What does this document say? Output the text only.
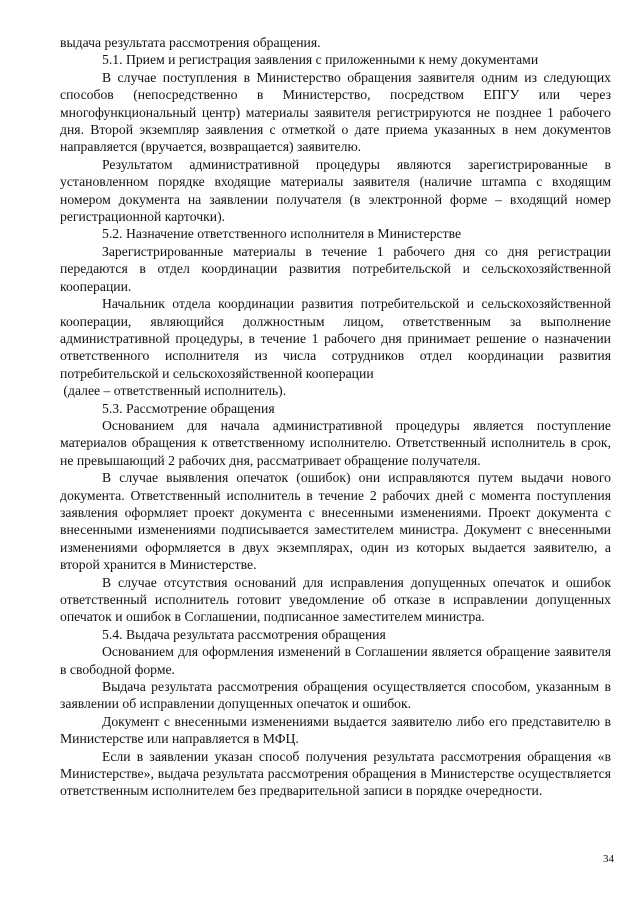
выдача результата рассмотрения обращения.

5.1. Прием и регистрация заявления с приложенными к нему документами

В случае поступления в Министерство обращения заявителя одним из следующих способов (непосредственно в Министерство, посредством ЕПГУ или через многофункциональный центр) материалы заявителя регистрируются не позднее 1 рабочего дня. Второй экземпляр заявления с отметкой о дате приема указанных в нем документов направляется (вручается, возвращается) заявителю.

Результатом административной процедуры являются зарегистрированные в установленном порядке входящие материалы заявителя (наличие штампа с входящим номером документа на заявлении получателя (в электронной форме – входящий номер регистрационной карточки).

5.2. Назначение ответственного исполнителя в Министерстве

Зарегистрированные материалы в течение 1 рабочего дня со дня регистрации передаются в отдел координации развития потребительской и сельскохозяйственной кооперации.

Начальник отдела координации развития потребительской и сельскохозяйственной кооперации, являющийся должностным лицом, ответственным за выполнение административной процедуры, в течение 1 рабочего дня принимает решение о назначении ответственного исполнителя из числа сотрудников отдел координации развития потребительской и сельскохозяйственной кооперации

(далее – ответственный исполнитель).

5.3. Рассмотрение обращения

Основанием для начала административной процедуры является поступление материалов обращения к ответственному исполнителю. Ответственный исполнитель в срок, не превышающий 2 рабочих дня, рассматривает обращение получателя.

В случае выявления опечаток (ошибок) они исправляются путем выдачи нового документа. Ответственный исполнитель в течение 2 рабочих дней с момента поступления заявления оформляет проект документа с внесенными изменениями. Проект документа с внесенными изменениями подписывается заместителем министра. Документ с внесенными изменениями оформляется в двух экземплярах, один из которых выдается заявителю, а второй хранится в Министерстве.

В случае отсутствия оснований для исправления допущенных опечаток и ошибок ответственный исполнитель готовит уведомление об отказе в исправлении допущенных опечаток и ошибок в Соглашении, подписанное заместителем министра.

5.4. Выдача результата рассмотрения обращения

Основанием для оформления изменений в Соглашении является обращение заявителя в свободной форме.

Выдача результата рассмотрения обращения осуществляется способом, указанным в заявлении об исправлении допущенных опечаток и ошибок.

Документ с внесенными изменениями выдается заявителю либо его представителю в Министерстве или направляется в МФЦ.

Если в заявлении указан способ получения результата рассмотрения обращения «в Министерстве», выдача результата рассмотрения обращения в Министерстве осуществляется ответственным исполнителем без предварительной записи в порядке очередности.

34
